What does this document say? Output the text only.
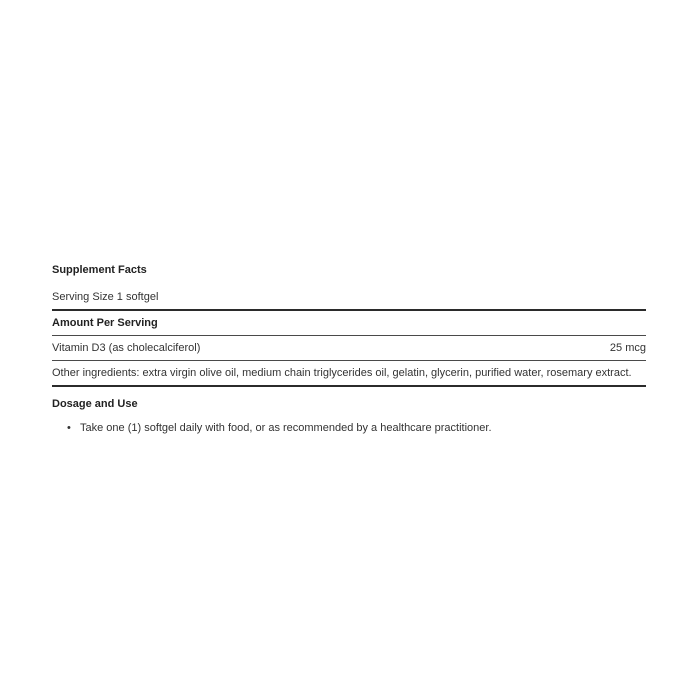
Supplement Facts
Serving Size 1 softgel
Amount Per Serving
Vitamin D3 (as cholecalciferol)	25 mcg
Other ingredients: extra virgin olive oil, medium chain triglycerides oil, gelatin, glycerin, purified water, rosemary extract.
Dosage and Use
• Take one (1) softgel daily with food, or as recommended by a healthcare practitioner.
